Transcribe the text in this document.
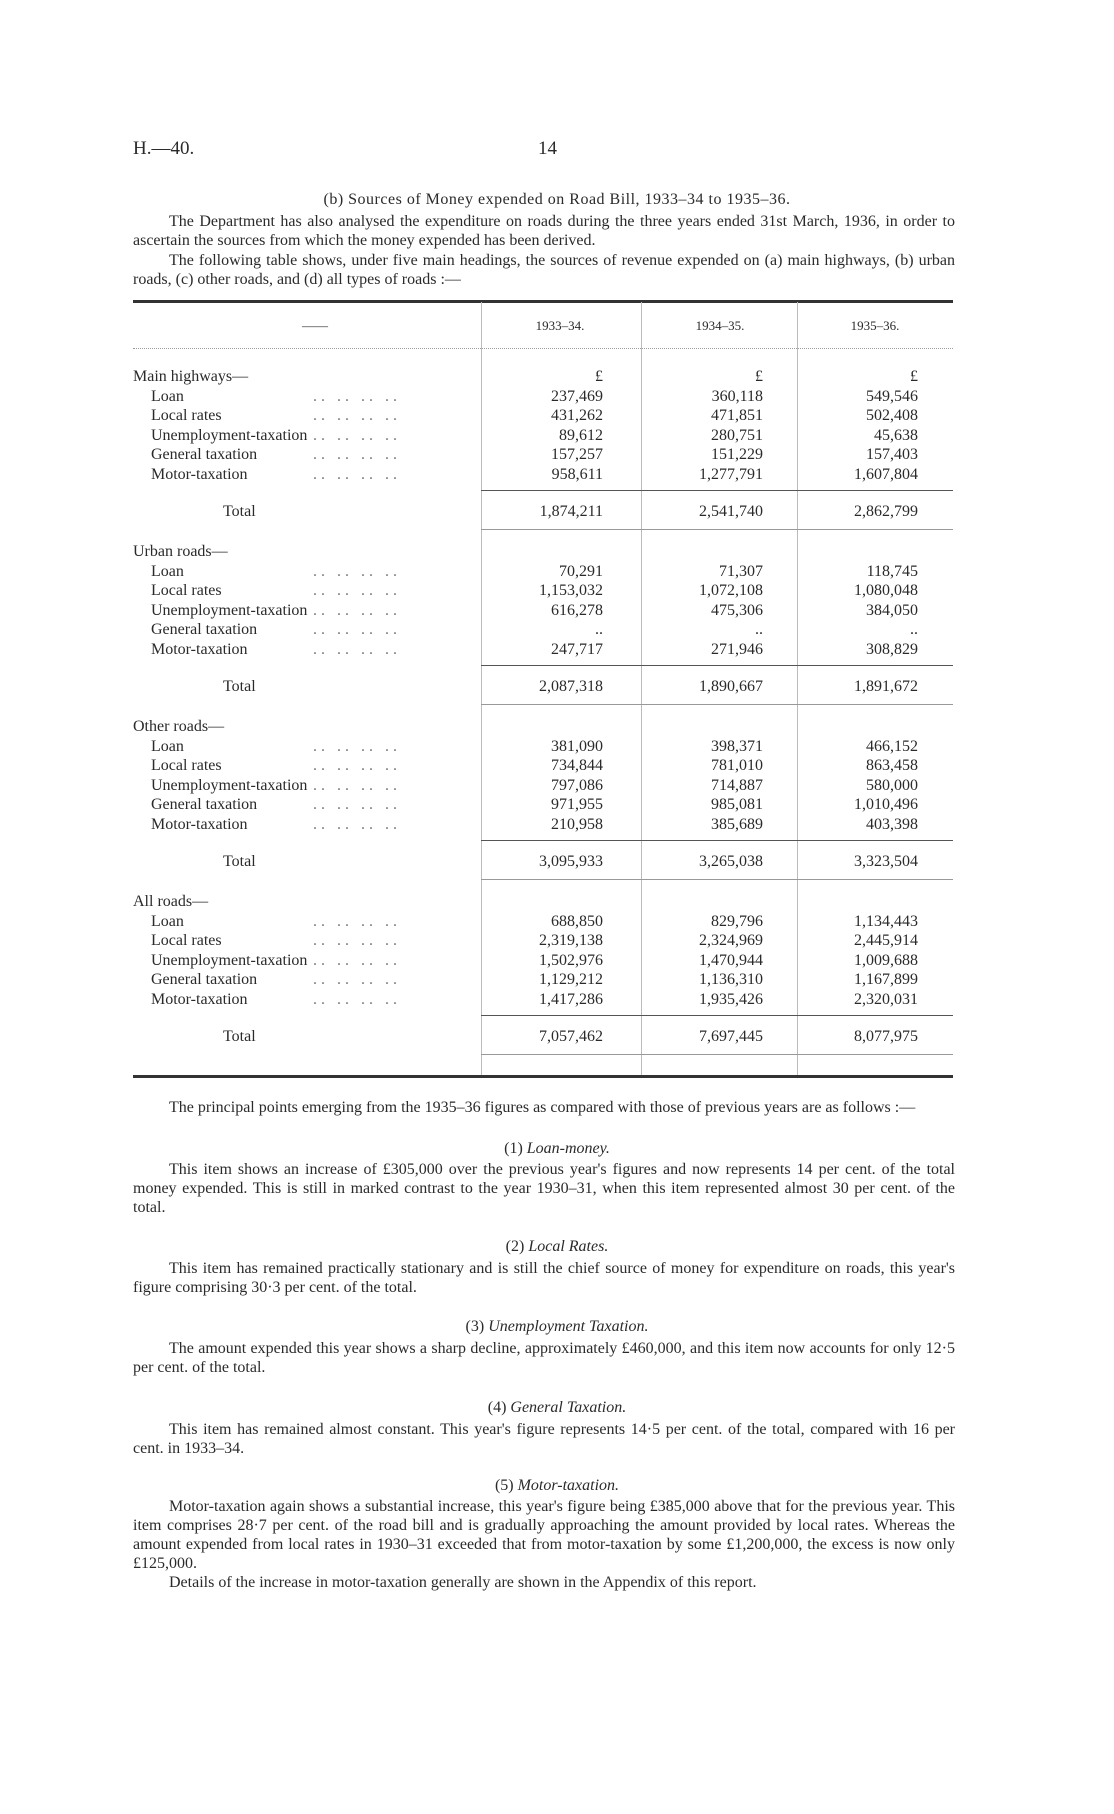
H.—40.	14
(b) Sources of Money expended on Road Bill, 1933–34 to 1935–36.
The Department has also analysed the expenditure on roads during the three years ended 31st March, 1936, in order to ascertain the sources from which the money expended has been derived.
The following table shows, under five main headings, the sources of revenue expended on (a) main highways, (b) urban roads, (c) other roads, and (d) all types of roads :—
——	1933–34.	1934–35.	1935–36.
Main highways—	£	£	£
Loan	.. .. .. ..	237,469	360,118	549,546
Local rates	.. .. .. ..	431,262	471,851	502,408
Unemployment-taxation .. .. .. ..	89,612	280,751	45,638
General taxation	.. .. .. ..	157,257	151,229	157,403
Motor-taxation	.. .. .. ..	958,611	1,277,791	1,607,804
Total	1,874,211	2,541,740	2,862,799
Urban roads—
Loan	.. .. .. ..	70,291	71,307	118,745
Local rates	.. .. .. ..	1,153,032	1,072,108	1,080,048
Unemployment-taxation .. .. .. ..	616,278	475,306	384,050
General taxation	.. .. .. ..	..	..	..
Motor-taxation	.. .. .. ..	247,717	271,946	308,829
Total	2,087,318	1,890,667	1,891,672
Other roads—
Loan	.. .. .. ..	381,090	398,371	466,152
Local rates	.. .. .. ..	734,844	781,010	863,458
Unemployment-taxation .. .. .. ..	797,086	714,887	580,000
General taxation	.. .. .. ..	971,955	985,081	1,010,496
Motor-taxation	.. .. .. ..	210,958	385,689	403,398
Total	3,095,933	3,265,038	3,323,504
All roads—
Loan	.. .. .. ..	688,850	829,796	1,134,443
Local rates	.. .. .. ..	2,319,138	2,324,969	2,445,914
Unemployment-taxation .. .. .. ..	1,502,976	1,470,944	1,009,688
General taxation	.. .. .. ..	1,129,212	1,136,310	1,167,899
Motor-taxation	.. .. .. ..	1,417,286	1,935,426	2,320,031
Total	7,057,462	7,697,445	8,077,975
The principal points emerging from the 1935–36 figures as compared with those of previous years are as follows :—
(1) Loan-money.
This item shows an increase of £305,000 over the previous year's figures and now represents 14 per cent. of the total money expended. This is still in marked contrast to the year 1930–31, when this item represented almost 30 per cent. of the total.
(2) Local Rates.
This item has remained practically stationary and is still the chief source of money for expenditure on roads, this year's figure comprising 30·3 per cent. of the total.
(3) Unemployment Taxation.
The amount expended this year shows a sharp decline, approximately £460,000, and this item now accounts for only 12·5 per cent. of the total.
(4) General Taxation.
This item has remained almost constant. This year's figure represents 14·5 per cent. of the total, compared with 16 per cent. in 1933–34.
(5) Motor-taxation.
Motor-taxation again shows a substantial increase, this year's figure being £385,000 above that for the previous year. This item comprises 28·7 per cent. of the road bill and is gradually approaching the amount provided by local rates. Whereas the amount expended from local rates in 1930–31 exceeded that from motor-taxation by some £1,200,000, the excess is now only £125,000.
Details of the increase in motor-taxation generally are shown in the Appendix of this report.
